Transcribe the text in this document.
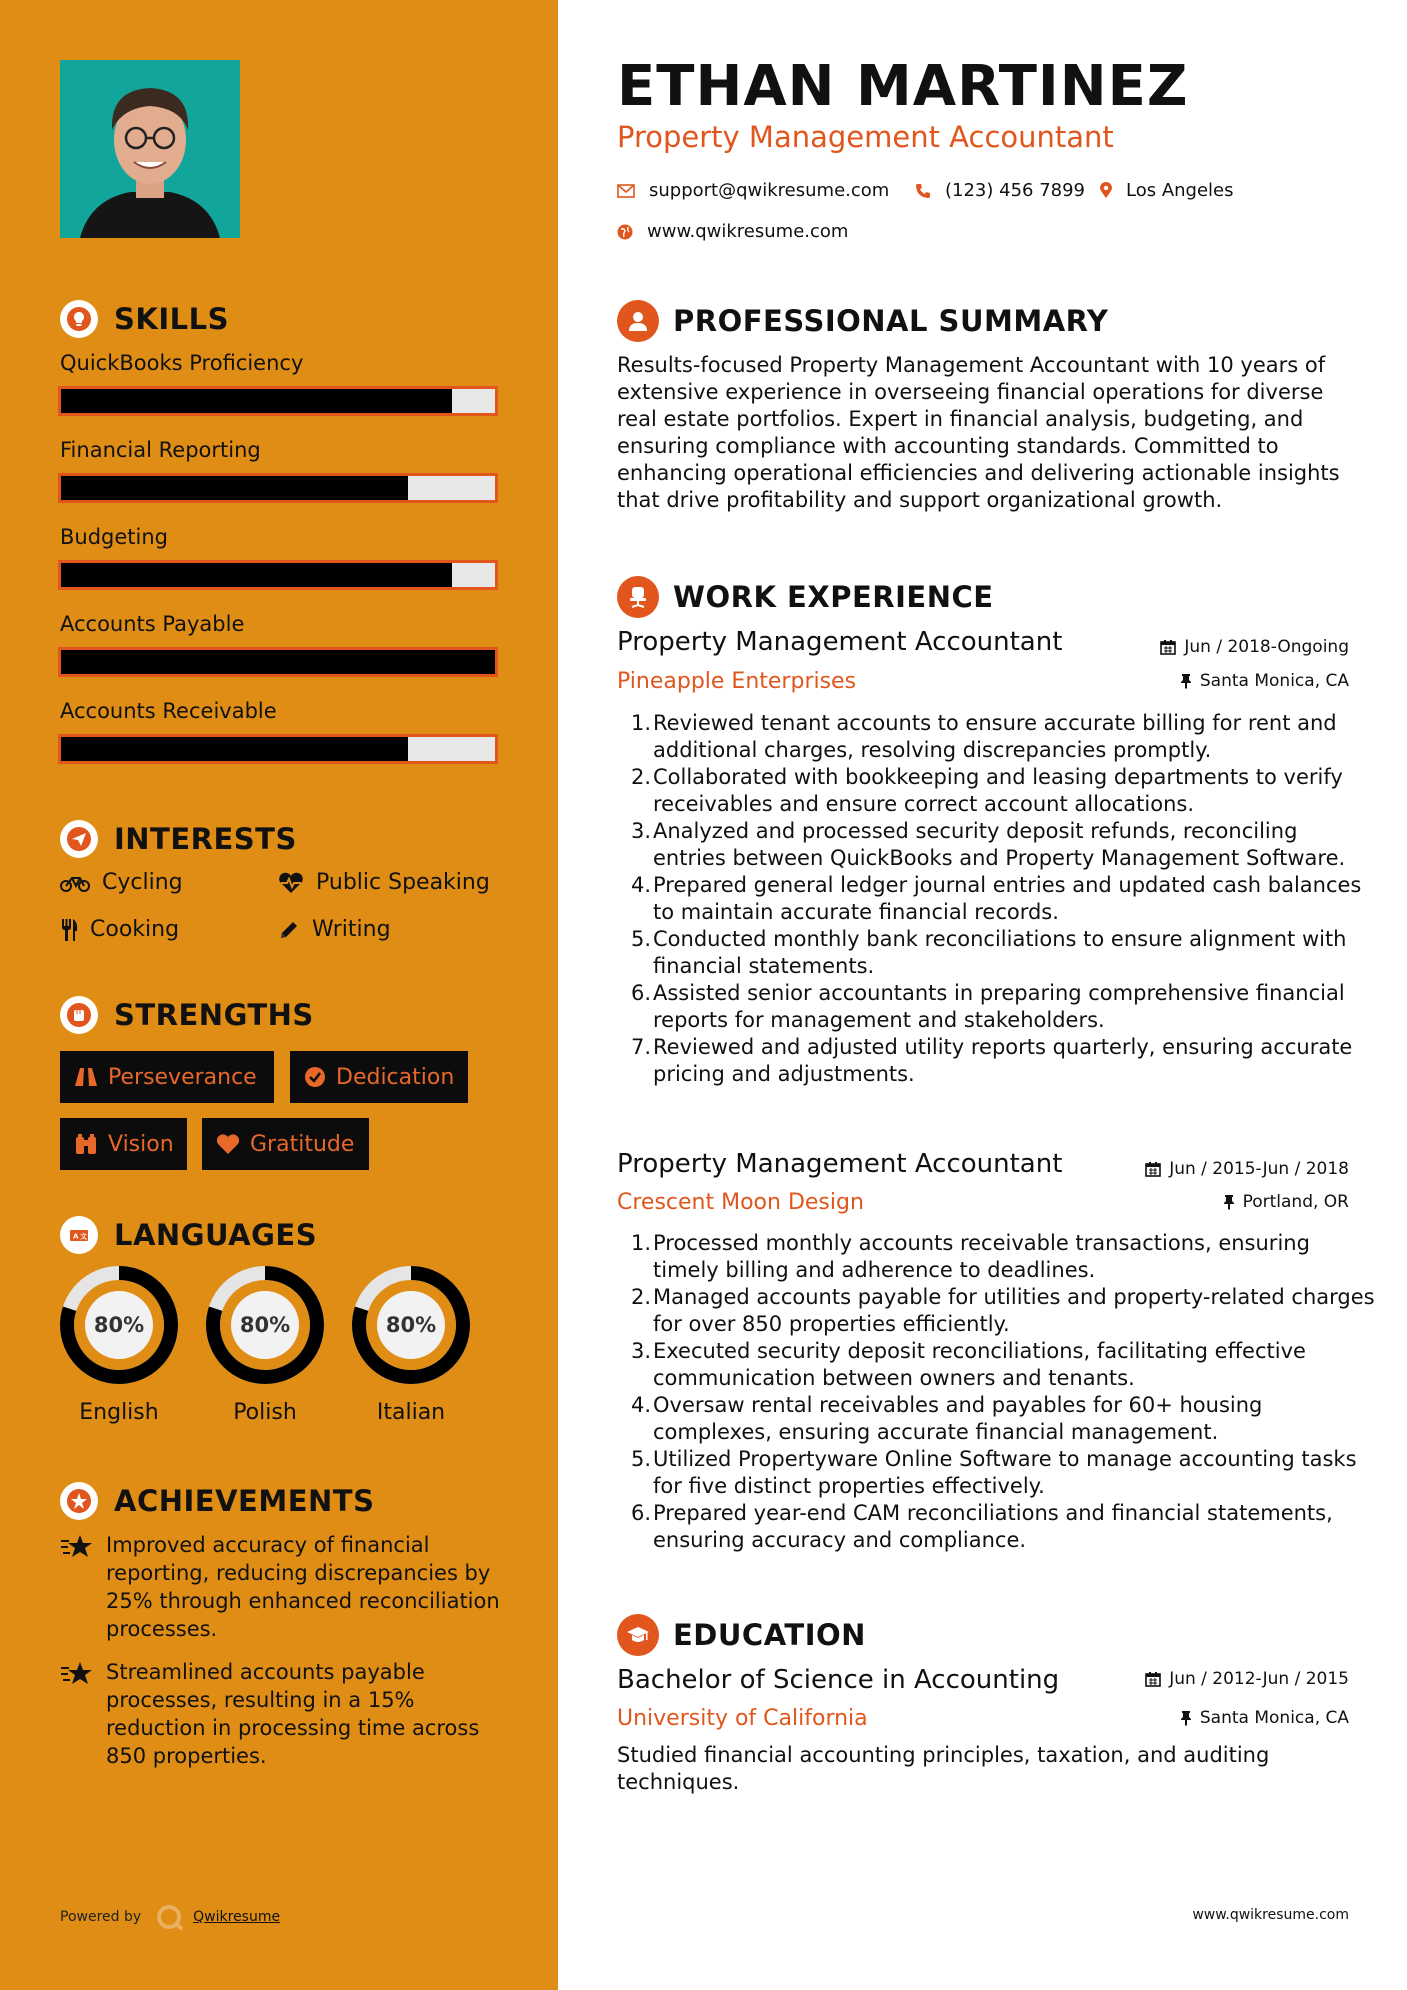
SKILLS
QuickBooks Proficiency
Financial Reporting
Budgeting
Accounts Payable
Accounts Receivable
INTERESTS
Cycling	Public Speaking
Cooking	Writing
STRENGTHS
Perseverance	Dedication
Vision	Gratitude
A 文 LANGUAGES
80%
English
80%
Polish
80%
Italian
ACHIEVEMENTS
Improved accuracy of financial reporting, reducing discrepancies by 25% through enhanced reconciliation processes.
Streamlined accounts payable processes, resulting in a 15% reduction in processing time across 850 properties.
Powered by	Qwikresume
ETHAN MARTINEZ
Property Management Accountant
support@qwikresume.com	(123) 456 7899 Los Angeles
www.qwikresume.com
PROFESSIONAL SUMMARY
Results-focused Property Management Accountant with 10 years of extensive experience in overseeing financial operations for diverse real estate portfolios. Expert in financial analysis, budgeting, and ensuring compliance with accounting standards. Committed to enhancing operational efficiencies and delivering actionable insights that drive profitability and support organizational growth.
WORK EXPERIENCE
Property Management Accountant	Jun / 2018-Ongoing
Pineapple Enterprises	Santa Monica, CA
Reviewed tenant accounts to ensure accurate billing for rent and additional charges, resolving discrepancies promptly.
Collaborated with bookkeeping and leasing departments to verify receivables and ensure correct account allocations.
Analyzed and processed security deposit refunds, reconciling entries between QuickBooks and Property Management Software.
Prepared general ledger journal entries and updated cash balances to maintain accurate financial records.
Conducted monthly bank reconciliations to ensure alignment with financial statements.
Assisted senior accountants in preparing comprehensive financial reports for management and stakeholders.
Reviewed and adjusted utility reports quarterly, ensuring accurate pricing and adjustments.
Property Management Accountant	Jun / 2015-Jun / 2018
Crescent Moon Design	Portland, OR
Processed monthly accounts receivable transactions, ensuring timely billing and adherence to deadlines.
Managed accounts payable for utilities and property-related charges for over 850 properties efficiently.
Executed security deposit reconciliations, facilitating effective communication between owners and tenants.
Oversaw rental receivables and payables for 60+ housing complexes, ensuring accurate financial management.
Utilized Propertyware Online Software to manage accounting tasks for five distinct properties effectively.
Prepared year-end CAM reconciliations and financial statements, ensuring accuracy and compliance.
EDUCATION
Bachelor of Science in Accounting	Jun / 2012-Jun / 2015
University of California	Santa Monica, CA
Studied financial accounting principles, taxation, and auditing techniques.
www.qwikresume.com
